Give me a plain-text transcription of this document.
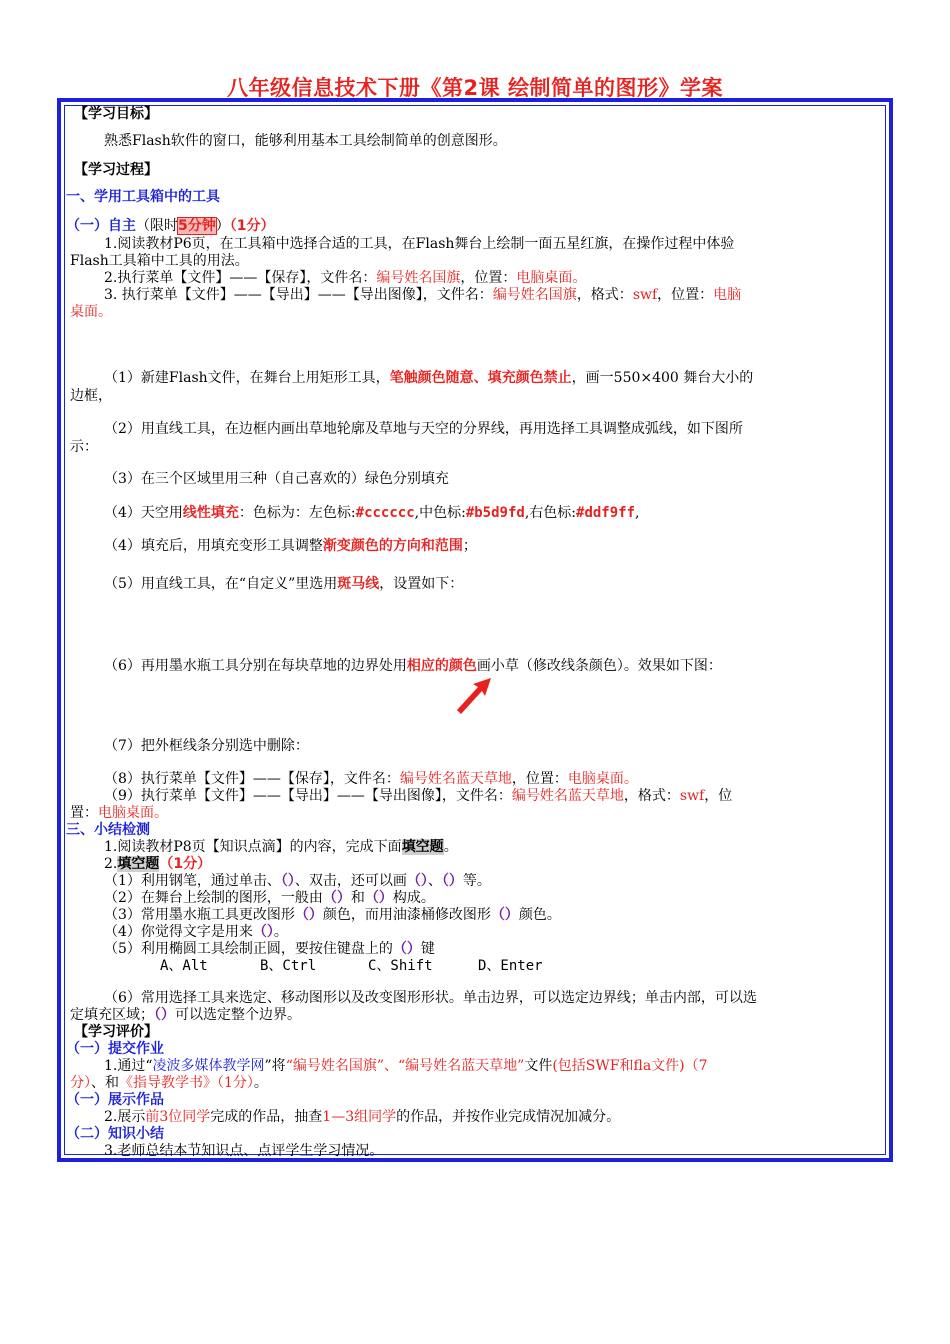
八年级信息技术下册《第2课 绘制简单的图形》学案
【学习目标】
熟悉Flash软件的窗口，能够利用基本工具绘制简单的创意图形。
【学习过程】
一、学用工具箱中的工具
（一）自主（限时5分钟）（1分）
1.阅读教材P6页，在工具箱中选择合适的工具，在Flash舞台上绘制一面五星红旗，在操作过程中体验
Flash工具箱中工具的用法。
2.执行菜单【文件】——【保存】，文件名：编号姓名国旗，位置：电脑桌面。
3. 执行菜单【文件】——【导出】——【导出图像】，文件名：编号姓名国旗，格式：swf，位置：电脑
桌面。
（1）新建Flash文件，在舞台上用矩形工具，笔触颜色随意、填充颜色禁止，画一550×400 舞台大小的
边框，
（2）用直线工具，在边框内画出草地轮廓及草地与天空的分界线，再用选择工具调整成弧线，如下图所
示：
（3）在三个区域里用三种（自己喜欢的）绿色分别填充
（4）天空用线性填充：色标为：左色标:#cccccc,中色标:#b5d9fd,右色标:#ddf9ff,
（4）填充后，用填充变形工具调整渐变颜色的方向和范围；
（5）用直线工具，在“自定义”里选用斑马线，设置如下：
（6）再用墨水瓶工具分别在每块草地的边界处用相应的颜色画小草（修改线条颜色）。效果如下图：
（7）把外框线条分别选中删除：
（8）执行菜单【文件】——【保存】，文件名：编号姓名蓝天草地，位置：电脑桌面。
（9）执行菜单【文件】——【导出】——【导出图像】，文件名：编号姓名蓝天草地，格式：swf，位
置：电脑桌面。
三、小结检测
1.阅读教材P8页【知识点滴】的内容，完成下面填空题。
2.填空题（1分）
（1）利用钢笔，通过单击、（）、双击，还可以画（）、（）等。
（2）在舞台上绘制的图形，一般由（）和（）构成。
（3）常用墨水瓶工具更改图形（）颜色，而用油漆桶修改图形（）颜色。
（4）你觉得文字是用来（）。
（5）利用椭圆工具绘制正圆，要按住键盘上的（）键
A、Alt	B、Ctrl	C、Shift	D、Enter
（6）常用选择工具来选定、移动图形以及改变图形形状。单击边界，可以选定边界线；单击内部，可以选
定填充区域；（）可以选定整个边界。
【学习评价】
（一）提交作业
1.通过“凌波多媒体教学网”将“编号姓名国旗”、“编号姓名蓝天草地”文件(包括SWF和fla文件)（7
分）、和《指导教学书》（1分）。
（一）展示作品
2.展示前3位同学完成的作品，抽查1—3组同学的作品，并按作业完成情况加减分。
（二）知识小结
3.老师总结本节知识点、点评学生学习情况。
